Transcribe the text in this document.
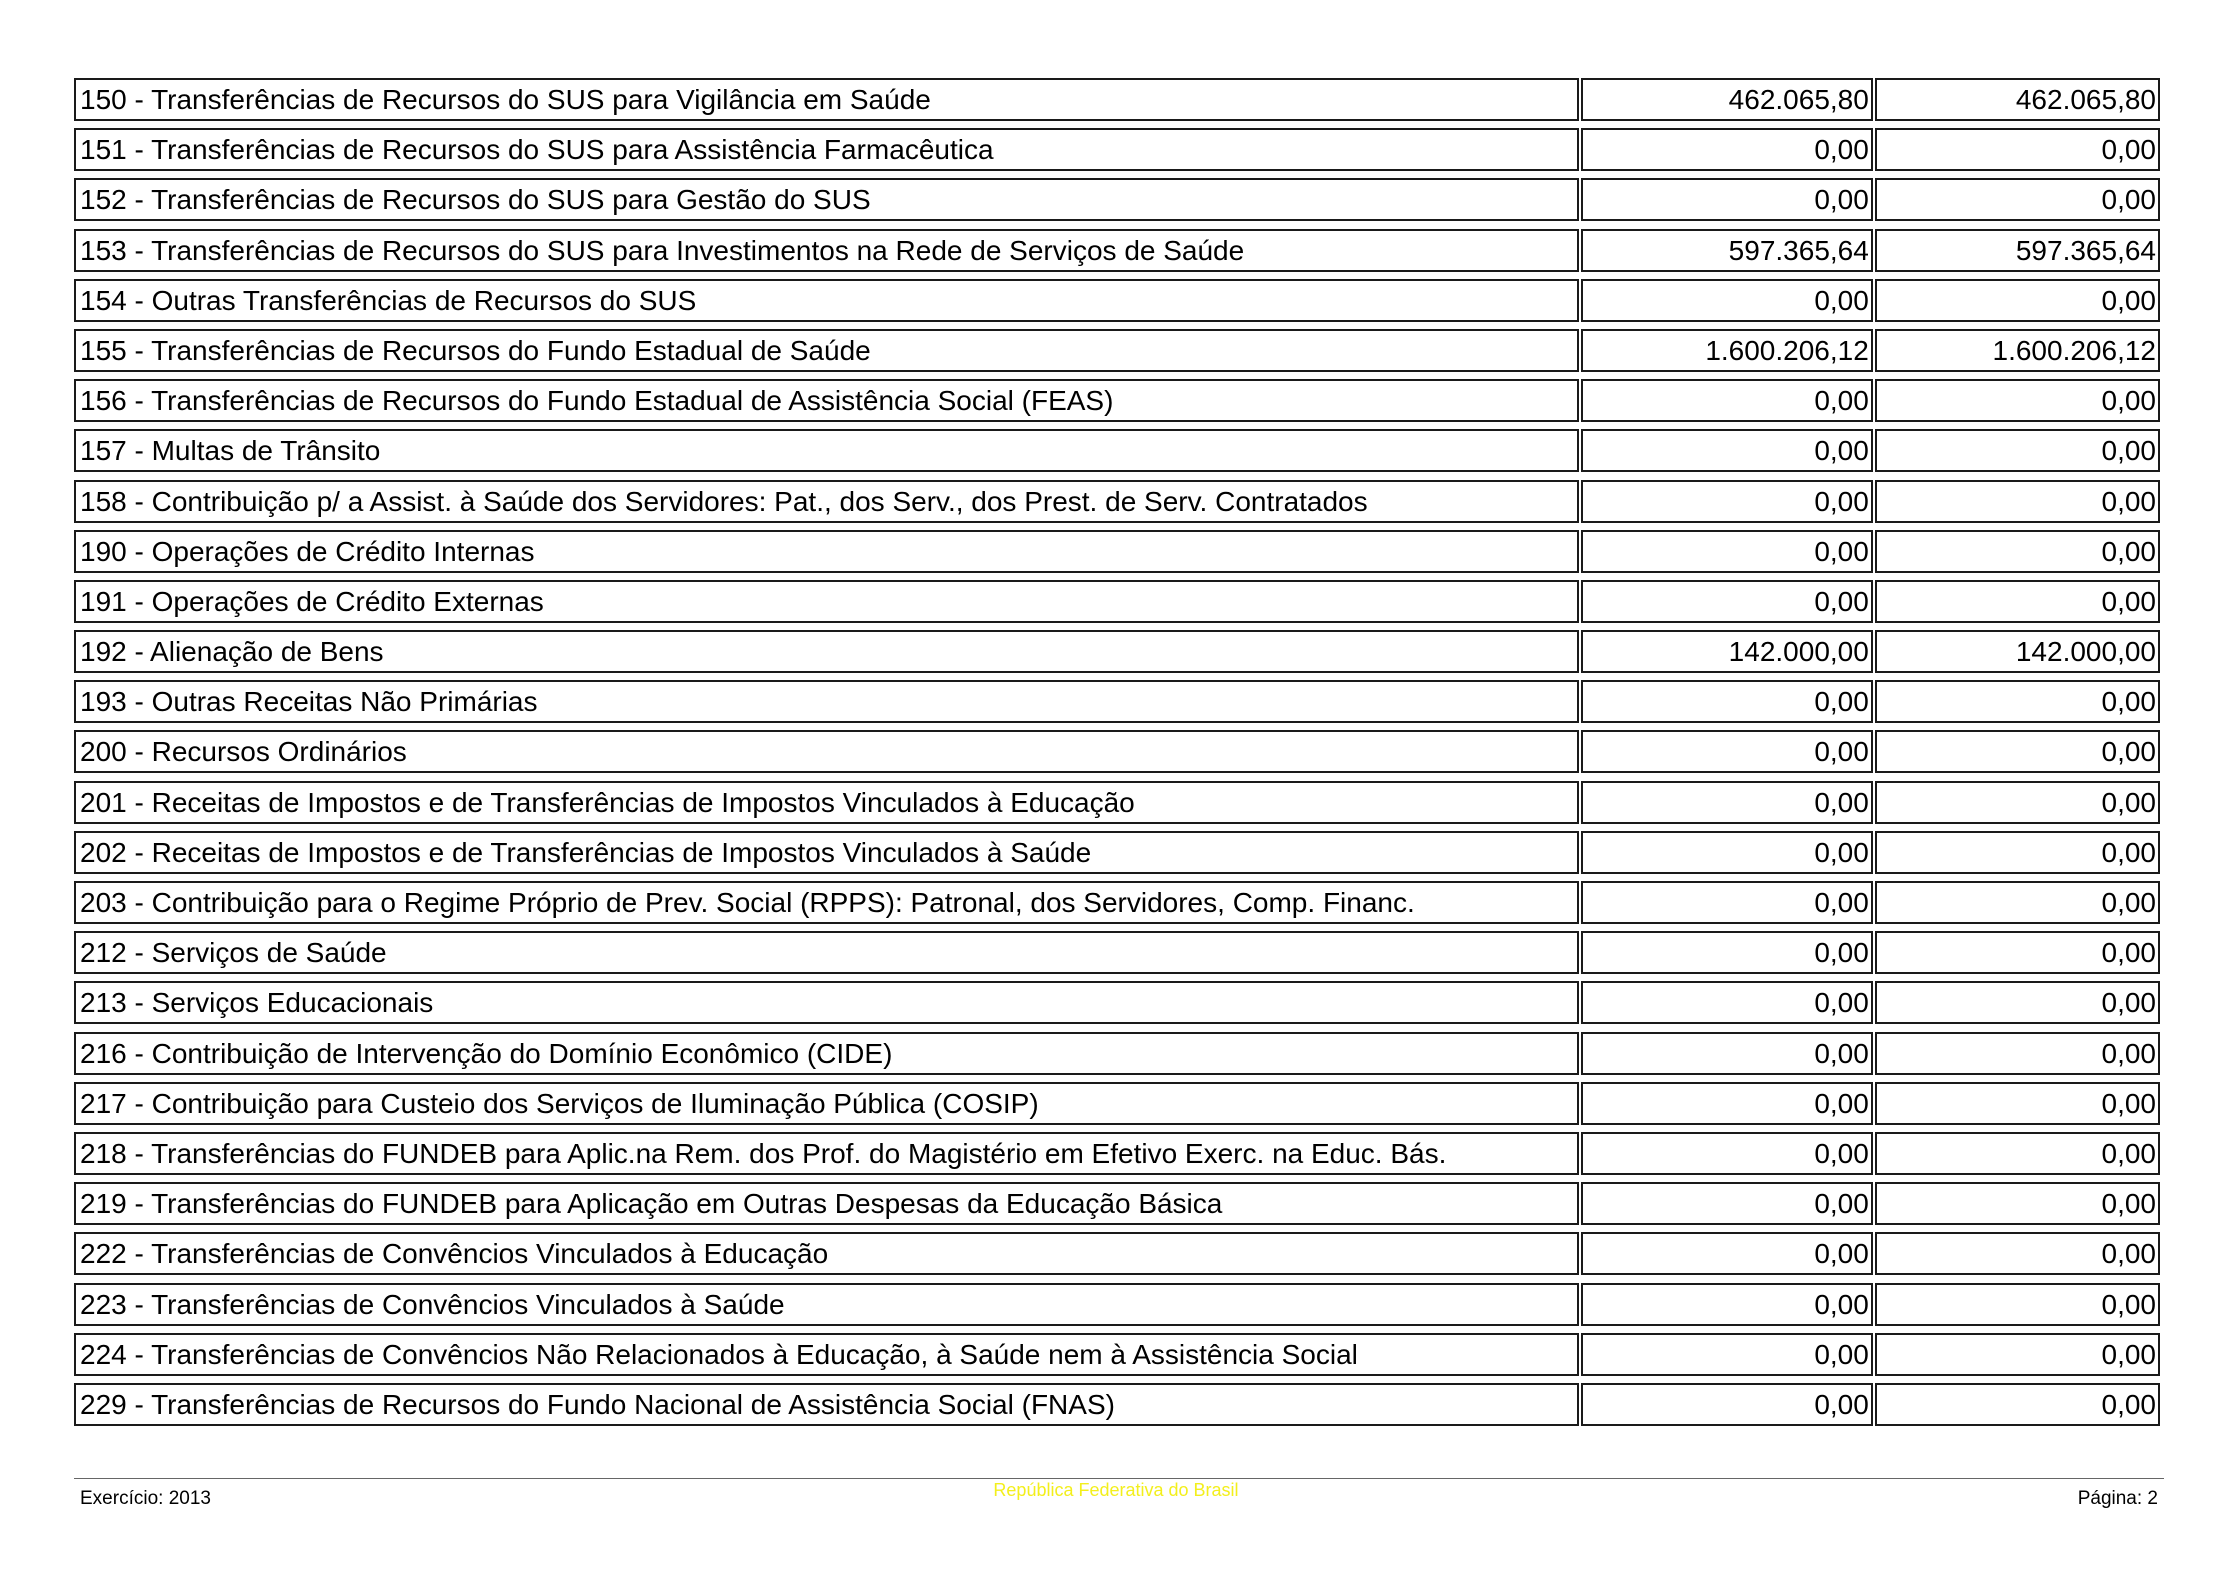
150 - Transferências de Recursos do SUS para Vigilância em Saúde	462.065,80	462.065,80
151 - Transferências de Recursos do SUS para Assistência Farmacêutica	0,00	0,00
152 - Transferências de Recursos do SUS para Gestão do SUS	0,00	0,00
153 - Transferências de Recursos do SUS para Investimentos na Rede de Serviços de Saúde	597.365,64	597.365,64
154 - Outras Transferências de Recursos do SUS	0,00	0,00
155 - Transferências de Recursos do Fundo Estadual de Saúde	1.600.206,12	1.600.206,12
156 - Transferências de Recursos do Fundo Estadual de Assistência Social (FEAS)	0,00	0,00
157 - Multas de Trânsito	0,00	0,00
158 - Contribuição p/ a Assist. à Saúde dos Servidores: Pat., dos Serv., dos Prest. de Serv. Contratados	0,00	0,00
190 - Operações de Crédito Internas	0,00	0,00
191 - Operações de Crédito Externas	0,00	0,00
192 - Alienação de Bens	142.000,00	142.000,00
193 - Outras Receitas Não Primárias	0,00	0,00
200 - Recursos Ordinários	0,00	0,00
201 - Receitas de Impostos e de Transferências de Impostos Vinculados à Educação	0,00	0,00
202 - Receitas de Impostos e de Transferências de Impostos Vinculados à Saúde	0,00	0,00
203 - Contribuição para o Regime Próprio de Prev. Social (RPPS): Patronal, dos Servidores, Comp. Financ.	0,00	0,00
212 - Serviços de Saúde	0,00	0,00
213 - Serviços Educacionais	0,00	0,00
216 - Contribuição de Intervenção do Domínio Econômico (CIDE)	0,00	0,00
217 - Contribuição para Custeio dos Serviços de Iluminação Pública (COSIP)	0,00	0,00
218 - Transferências do FUNDEB para Aplic.na Rem. dos Prof. do Magistério em Efetivo Exerc. na Educ. Bás.	0,00	0,00
219 - Transferências do FUNDEB para Aplicação em Outras Despesas da Educação Básica	0,00	0,00
222 - Transferências de Convêncios Vinculados à Educação	0,00	0,00
223 - Transferências de Convêncios Vinculados à Saúde	0,00	0,00
224 - Transferências de Convêncios Não Relacionados à Educação, à Saúde nem à Assistência Social	0,00	0,00
229 - Transferências de Recursos do Fundo Nacional de Assistência Social (FNAS)	0,00	0,00
Exercício: 2013	República Federativa do Brasil	Página: 2
